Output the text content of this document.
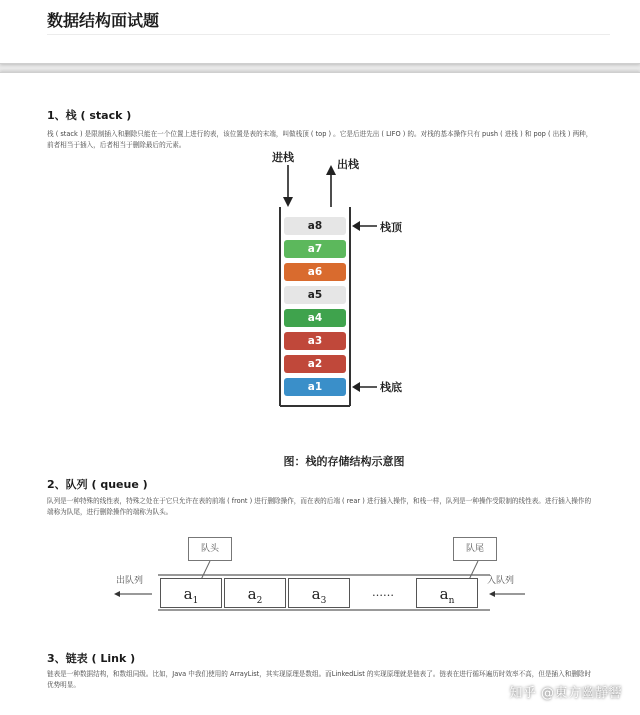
数据结构面试题
1、栈 ( stack )
栈 ( stack ) 是限制插入和删除只能在一个位置上进行的表，该位置是表的末端，叫做栈顶 ( top ) 。它是后进先出 ( LIFO ) 的。对栈的基本操作只有 push ( 进栈 ) 和 pop ( 出栈 ) 两种，前者相当于插入，后者相当于删除最后的元素。
进栈
出栈
栈顶
栈底
a8
a7
a6
a5
a4
a3
a2
a1
图：栈的存储结构示意图
2、队列 ( queue )
队列是一种特殊的线性表，特殊之处在于它只允许在表的前端 ( front ) 进行删除操作，而在表的后端 ( rear ) 进行插入操作，和栈一样，队列是一种操作受限制的线性表。进行插入操作的端称为队尾，进行删除操作的端称为队头。
队头	队尾
出队列	入队列
$a_1$	$a_2$	$a_3$
……	$a_n$
3、链表 ( Link )
链表是一种数据结构，和数组同级。比如，Java 中我们使用的 ArrayList，其实现原理是数组。而LinkedList 的实现原理就是链表了。链表在进行循环遍历时效率不高，但是插入和删除时优势明显。
知乎 @東方幽靜響
